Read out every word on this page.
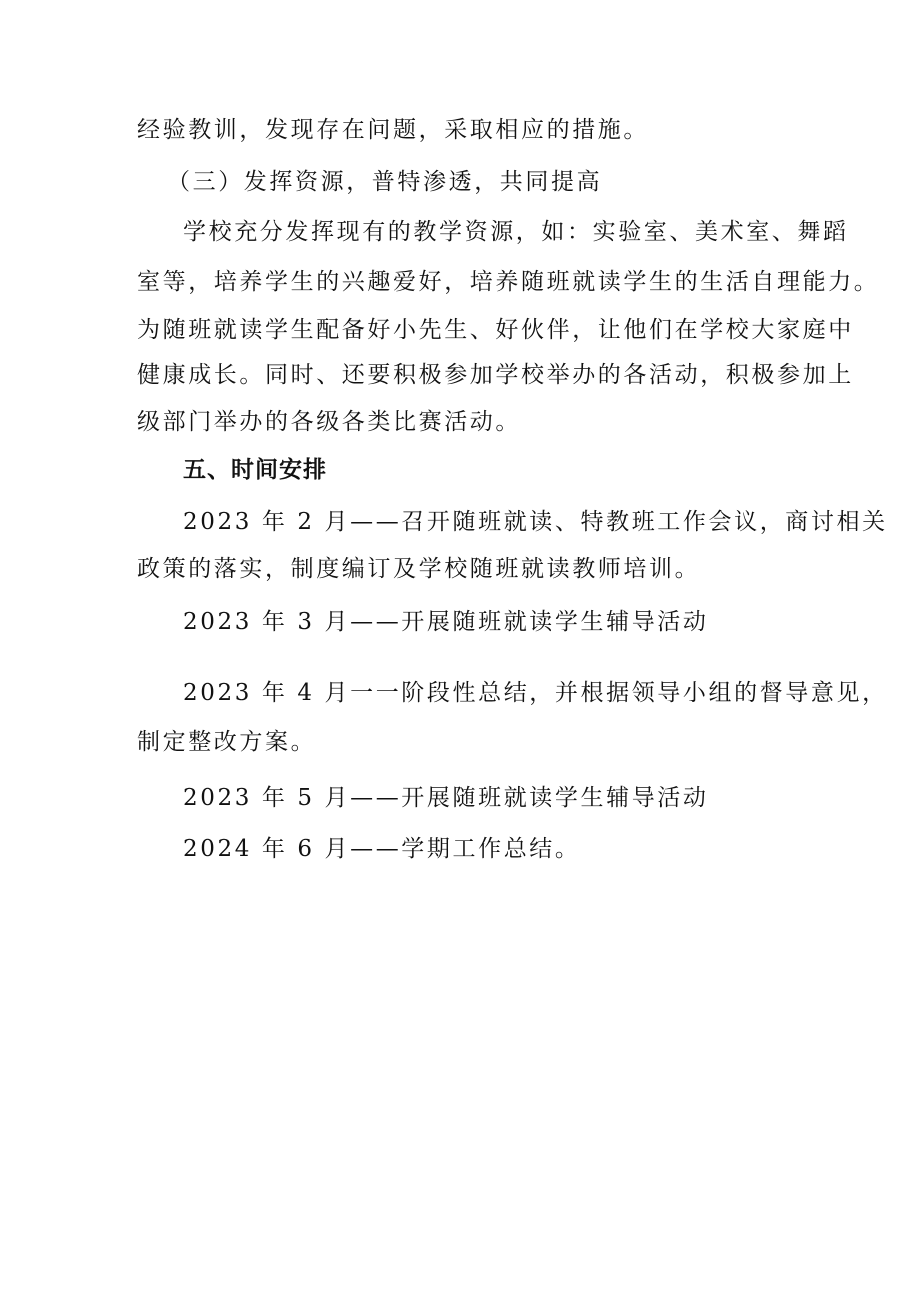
经验教训，发现存在问题，采取相应的措施。
（三）发挥资源，普特渗透，共同提高
学校充分发挥现有的教学资源，如：实验室、美术室、舞蹈
室等，培养学生的兴趣爱好，培养随班就读学生的生活自理能力。
为随班就读学生配备好小先生、好伙伴，让他们在学校大家庭中
健康成长。同时、还要积极参加学校举办的各活动，积极参加上
级部门举办的各级各类比赛活动。
五、时间安排
2023 年 2 月——召开随班就读、特教班工作会议，商讨相关
政策的落实，制度编订及学校随班就读教师培训。
2023 年 3 月——开展随班就读学生辅导活动
2023 年 4 月一一阶段性总结，并根据领导小组的督导意见，
制定整改方案。
2023 年 5 月——开展随班就读学生辅导活动
2024 年 6 月——学期工作总结。
